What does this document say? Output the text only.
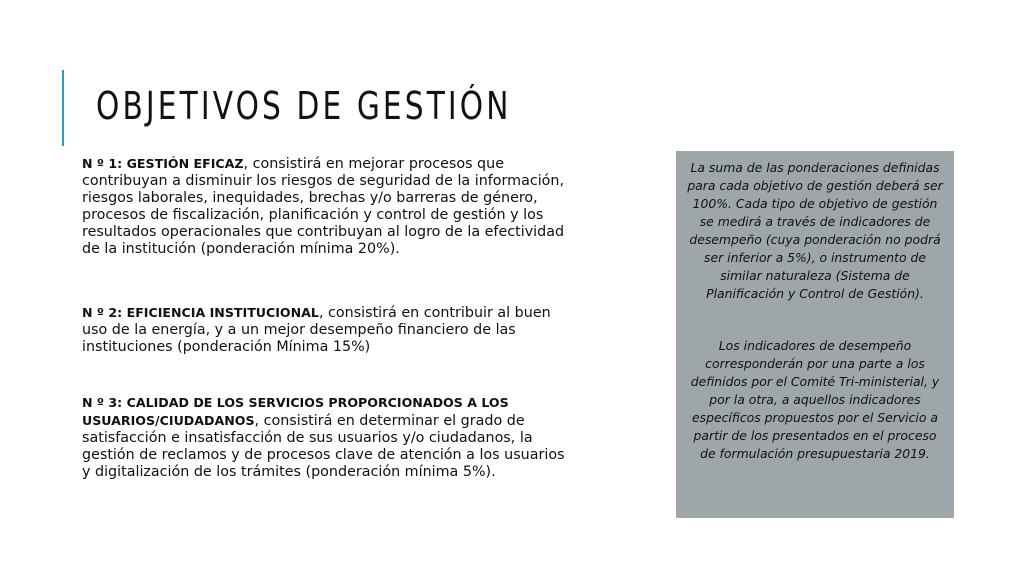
OBJETIVOS DE GESTIÓN

N º 1: GESTIÓN EFICAZ, consistirá en mejorar procesos que contribuyan a disminuir los riesgos de seguridad de la información, riesgos laborales, inequidades, brechas y/o barreras de género, procesos de fiscalización, planificación y control de gestión y los resultados operacionales que contribuyan al logro de la efectividad de la institución (ponderación mínima 20%).

N º 2: EFICIENCIA INSTITUCIONAL, consistirá en contribuir al buen uso de la energía, y a un mejor desempeño financiero de las instituciones (ponderación Mínima 15%)

N º 3: CALIDAD DE LOS SERVICIOS PROPORCIONADOS A LOS USUARIOS/CIUDADANOS, consistirá en determinar el grado de satisfacción e insatisfacción de sus usuarios y/o ciudadanos, la gestión de reclamos y de procesos clave de atención a los usuarios y digitalización de los trámites (ponderación mínima 5%).

La suma de las ponderaciones definidas para cada objetivo de gestión deberá ser 100%. Cada tipo de objetivo de gestión se medirá a través de indicadores de desempeño (cuya ponderación no podrá ser inferior a 5%), o instrumento de similar naturaleza (Sistema de Planificación y Control de Gestión).

Los indicadores de desempeño corresponderán por una parte a los definidos por el Comité Tri-ministerial, y por la otra, a aquellos indicadores específicos propuestos por el Servicio a partir de los presentados en el proceso de formulación presupuestaria 2019.
